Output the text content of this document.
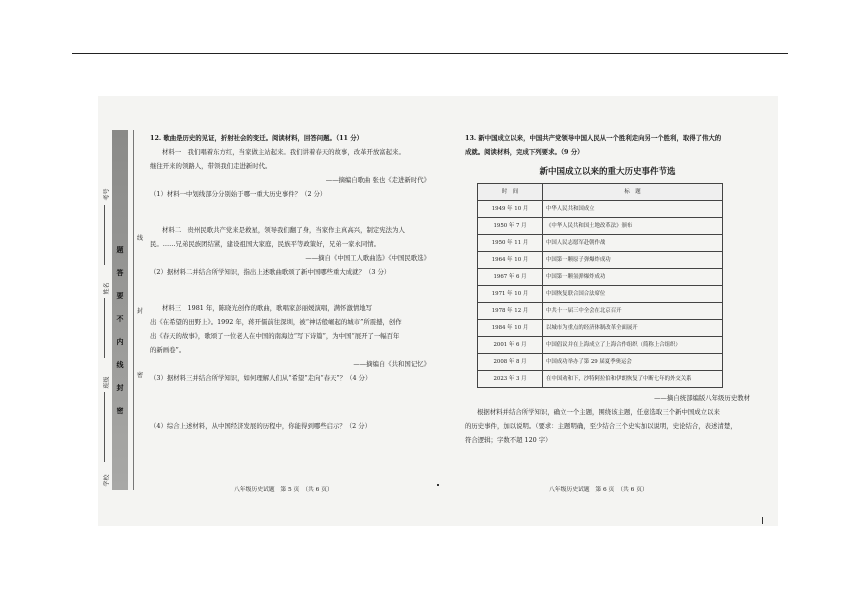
题
答
要
不
内
线
封
密
考号
姓名
班级
学校
线
封
密
12. 歌曲是历史的见证，折射社会的变迁。阅读材料，回答问题。（11 分）
材料一　我们唱着东方红，当家做主站起来。我们讲着春天的故事，改革开放富起来。
继往开来的领路人，带领我们走进新时代。
——摘编自歌曲 张也《走进新时代》
（1）材料一中划线部分分别始于哪一重大历史事件？（2 分）
材料二　贵州民歌共产党来是救星，领导我们翻了身，当家作主真高兴，制定宪法为人
民。……兄弟民族团结紧，建设祖国大家庭，民族平等政策好，兄弟一家永同情。
——摘自《中国工人歌曲选》《中国民歌选》
（2）据材料二并结合所学知识，指出上述歌曲歌颂了新中国哪些重大成就？（3 分）
材料三　1981 年，陈晓光创作的歌曲，歌唱家彭丽媛演唱，满怀激情地写
出《在希望的田野上》。1992 年，蒋开儒前往深圳，被“神话般崛起的城市”所震撼，创作
出《春天的故事》，歌颂了一位老人在中国的南海边“写下诗篇”，为中国“展开了一幅百年
的新画卷”。
——摘编自《共和国记忆》
（3）据材料三并结合所学知识，如何理解人们从“希望”走向“春天”？（4 分）
（4）综合上述材料，从中国经济发展的历程中，你能得到哪些启示？（2 分）
13. 新中国成立以来，中国共产党领导中国人民从一个胜利走向另一个胜利，取得了伟大的
成就。阅读材料，完成下列要求。（9 分）
新中国成立以来的重大历史事件节选
时　间	标　题
1949 年 10 月	中华人民共和国成立
1950 年 7 月	《中华人民共和国土地改革法》颁布
1950 年 11 月	中国人民志愿军赴朝作战
1964 年 10 月	中国第一颗原子弹爆炸成功
1967 年 6 月	中国第一颗氢弹爆炸成功
1971 年 10 月	中国恢复联合国合法席位
1978 年 12 月	中共十一届三中全会在北京召开
1984 年 10 月	以城市为重点的经济体制改革全面展开
2001 年 6 月	中国倡议并在上海成立了上海合作组织（简称上合组织）
2008 年 8 月	中国成功举办了第 29 届夏季奥运会
2023 年 3 月	在中国劝和下，沙特阿拉伯和伊朗恢复了中断七年的外交关系
——摘自统部编版八年级历史教材
根据材料并结合所学知识，确立一个主题，围绕该主题，任意选取三个新中国成立以来
的历史事件，加以说明。（要求：主题明确，至少结合三个史实加以说明，史论结合，表述清楚，
符合逻辑；字数不超 120 字）
八年级历史试题　第 5 页　（共 6 页）	八年级历史试题　第 6 页　（共 6 页）
